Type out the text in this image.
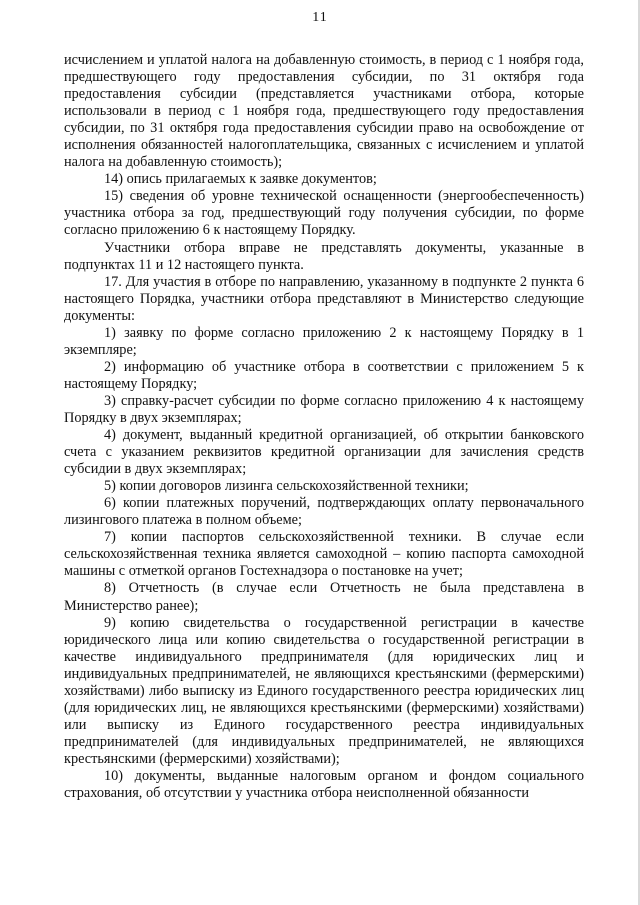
11

исчислением и уплатой налога на добавленную стоимость, в период с 1 ноября года, предшествующего году предоставления субсидии, по 31 октября года предоставления субсидии (представляется участниками отбора, которые использовали в период с 1 ноября года, предшествующего году предоставления субсидии, по 31 октября года предоставления субсидии право на освобождение от исполнения обязанностей налогоплательщика, связанных с исчислением и уплатой налога на добавленную стоимость);

14) опись прилагаемых к заявке документов;

15) сведения об уровне технической оснащенности (энергообеспеченность) участника отбора за год, предшествующий году получения субсидии, по форме согласно приложению 6 к настоящему Порядку.

Участники отбора вправе не представлять документы, указанные в подпунктах 11 и 12 настоящего пункта.

17. Для участия в отборе по направлению, указанному в подпункте 2 пункта 6 настоящего Порядка, участники отбора представляют в Министерство следующие документы:

1) заявку по форме согласно приложению 2 к настоящему Порядку в 1 экземпляре;

2) информацию об участнике отбора в соответствии с приложением 5 к настоящему Порядку;

3) справку-расчет субсидии по форме согласно приложению 4 к настоящему Порядку в двух экземплярах;

4) документ, выданный кредитной организацией, об открытии банковского счета с указанием реквизитов кредитной организации для зачисления средств субсидии в двух экземплярах;

5) копии договоров лизинга сельскохозяйственной техники;

6) копии платежных поручений, подтверждающих оплату первоначального лизингового платежа в полном объеме;

7) копии паспортов сельскохозяйственной техники. В случае если сельскохозяйственная техника является самоходной – копию паспорта самоходной машины с отметкой органов Гостехнадзора о постановке на учет;

8) Отчетность (в случае если Отчетность не была представлена в Министерство ранее);

9) копию свидетельства о государственной регистрации в качестве юридического лица или копию свидетельства о государственной регистрации в качестве индивидуального предпринимателя (для юридических лиц и индивидуальных предпринимателей, не являющихся крестьянскими (фермерскими) хозяйствами) либо выписку из Единого государственного реестра юридических лиц (для юридических лиц, не являющихся крестьянскими (фермерскими) хозяйствами) или выписку из Единого государственного реестра индивидуальных предпринимателей (для индивидуальных предпринимателей, не являющихся крестьянскими (фермерскими) хозяйствами);

10) документы, выданные налоговым органом и фондом социального страхования, об отсутствии у участника отбора неисполненной обязанности
